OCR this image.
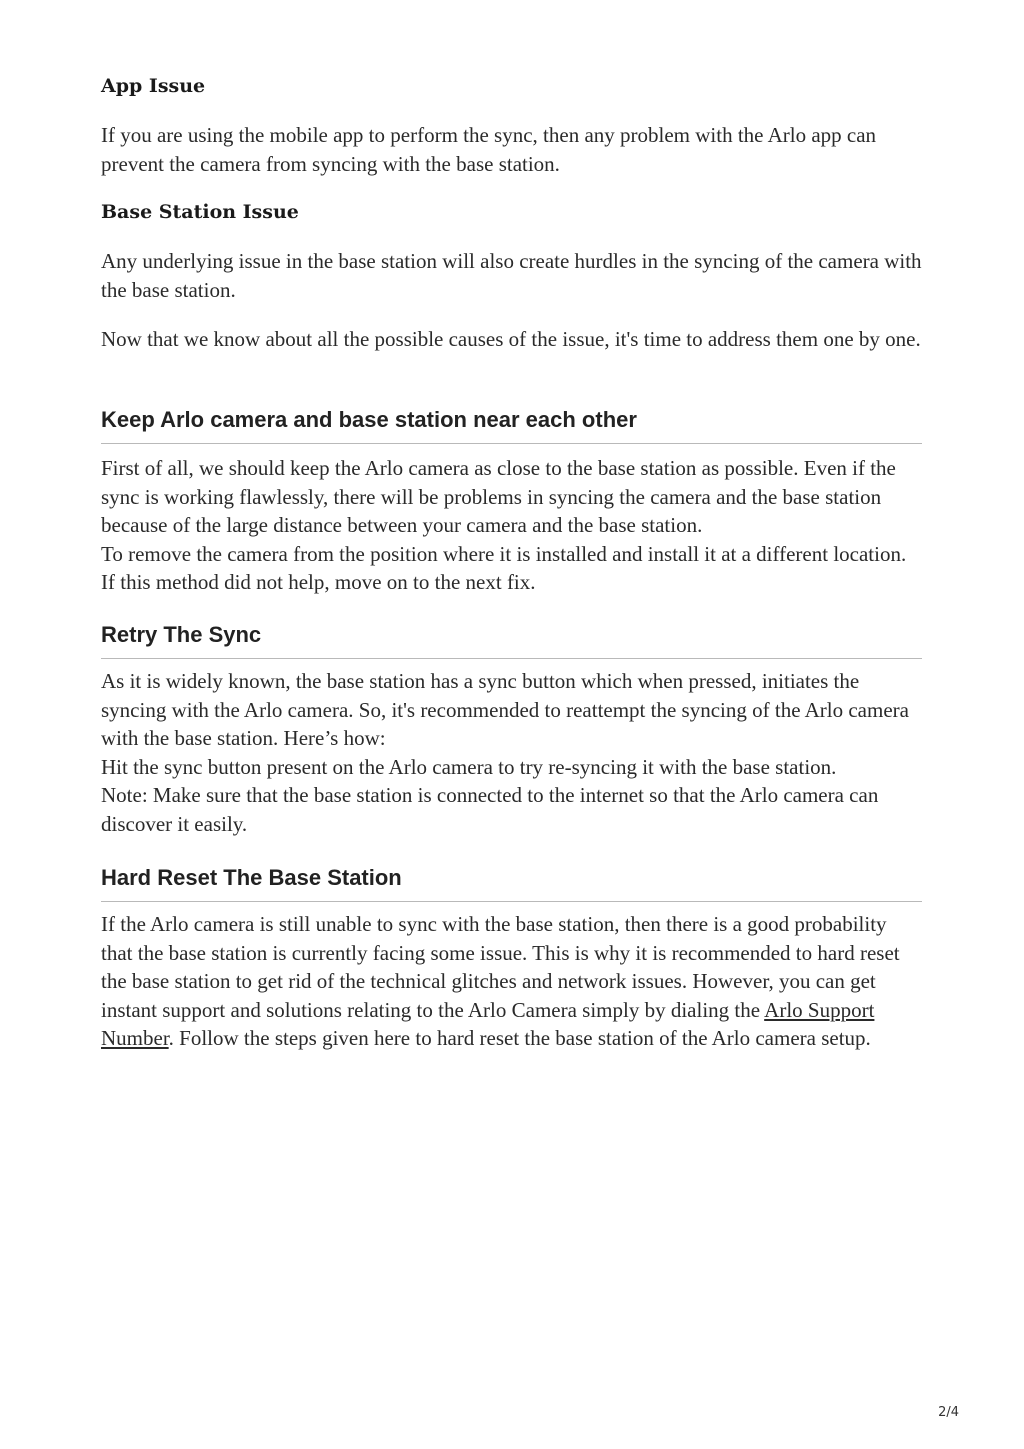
App Issue

If you are using the mobile app to perform the sync, then any problem with the Arlo app can prevent the camera from syncing with the base station.

Base Station Issue

Any underlying issue in the base station will also create hurdles in the syncing of the camera with the base station.

Now that we know about all the possible causes of the issue, it's time to address them one by one.

Keep Arlo camera and base station near each other

First of all, we should keep the Arlo camera as close to the base station as possible. Even if the sync is working flawlessly, there will be problems in syncing the camera and the base station because of the large distance between your camera and the base station.

To remove the camera from the position where it is installed and install it at a different location. If this method did not help, move on to the next fix.

Retry The Sync

As it is widely known, the base station has a sync button which when pressed, initiates the syncing with the Arlo camera. So, it's recommended to reattempt the syncing of the Arlo camera with the base station. Here’s how:

Hit the sync button present on the Arlo camera to try re-syncing it with the base station.

Note: Make sure that the base station is connected to the internet so that the Arlo camera can discover it easily.

Hard Reset The Base Station

If the Arlo camera is still unable to sync with the base station, then there is a good probability that the base station is currently facing some issue. This is why it is recommended to hard reset the base station to get rid of the technical glitches and network issues. However, you can get instant support and solutions relating to the Arlo Camera simply by dialing the Arlo Support Number. Follow the steps given here to hard reset the base station of the Arlo camera setup.

2/4
